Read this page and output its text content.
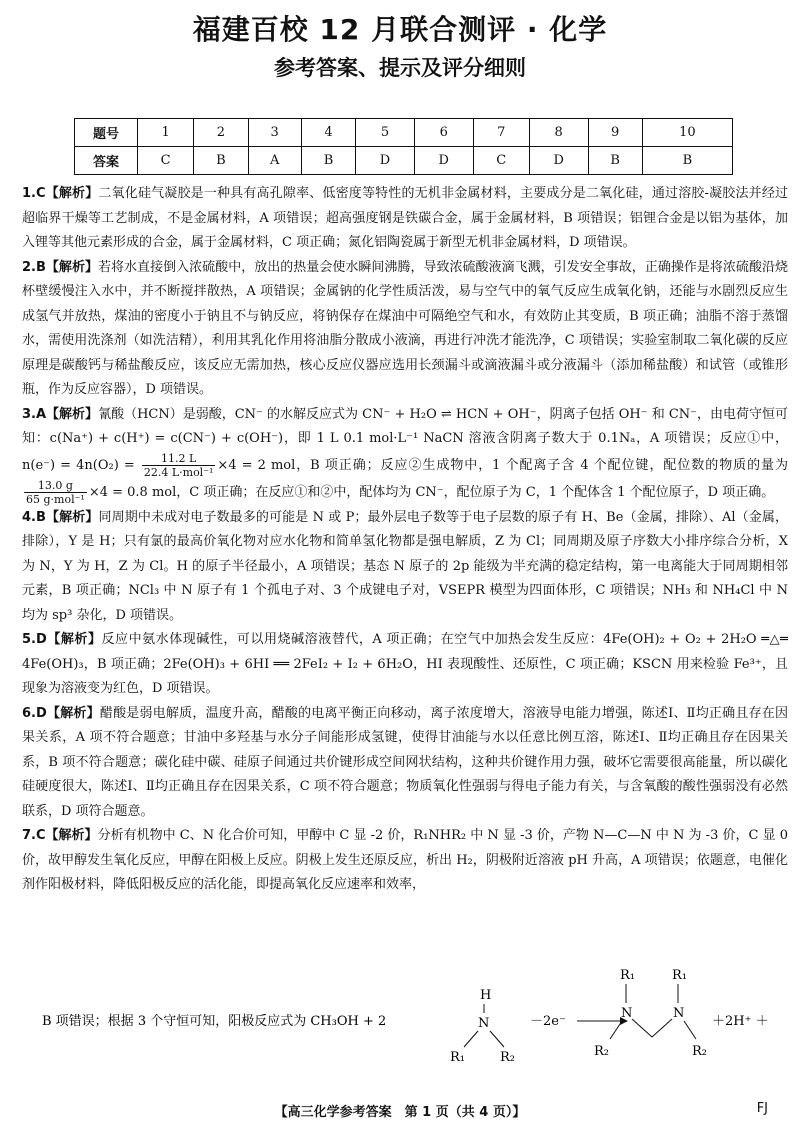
福建百校 12 月联合测评 · 化学
参考答案、提示及评分细则
题号	1	2	3	4	5	6	7	8	9	10
答案	C	B	A	B	D	D	C	D	B	B

1.C【解析】二氧化硅气凝胶是一种具有高孔隙率、低密度等特性的无机非金属材料，主要成分是二氧化硅，通过溶胶-凝胶法并经过超临界干燥等工艺制成，不是金属材料，A 项错误；超高强度钢是铁碳合金，属于金属材料，B 项错误；铝锂合金是以铝为基体，加入锂等其他元素形成的合金，属于金属材料，C 项正确；氮化铝陶瓷属于新型无机非金属材料，D 项错误。

2.B【解析】若将水直接倒入浓硫酸中，放出的热量会使水瞬间沸腾，导致浓硫酸液滴飞溅，引发安全事故，正确操作是将浓硫酸沿烧杯壁缓慢注入水中，并不断搅拌散热，A 项错误；金属钠的化学性质活泼，易与空气中的氧气反应生成氧化钠，还能与水剧烈反应生成氢气并放热，煤油的密度小于钠且不与钠反应，将钠保存在煤油中可隔绝空气和水，有效防止其变质，B 项正确；油脂不溶于蒸馏水，需使用洗涤剂（如洗洁精），利用其乳化作用将油脂分散成小液滴，再进行冲洗才能洗净，C 项错误；实验室制取二氧化碳的反应原理是碳酸钙与稀盐酸反应，该反应无需加热，核心反应仪器应选用长颈漏斗或滴液漏斗或分液漏斗（添加稀盐酸）和试管（或锥形瓶，作为反应容器），D 项错误。

3.A【解析】氰酸（HCN）是弱酸，CN⁻ 的水解反应式为 CN⁻ + H₂O ⇌ HCN + OH⁻，阴离子包括 OH⁻ 和 CN⁻，由电荷守恒可知：c(Na⁺) + c(H⁺) = c(CN⁻) + c(OH⁻)，即 1 L 0.1 mol·L⁻¹ NaCN 溶液含阴离子数大于 0.1Nₐ，A 项错误；反应①中，$n(e^-) = 4n(O_2) = \frac{11.2 L}{\text{22.4 L·mol⁻¹}} \times 4 = 2$ mol，B 项正确；反应②生成物中，1 个配离子含 4 个配位键，配位数的物质的量为
$\frac{13.0 g}{\text{65 g·mol⁻¹}} \times 4 = 0.8$ mol，C 项正确；在反应①和②中，配体均为 CN⁻，配位原子为 C，1 个配体含 1 个配位原子，D 项正确。

4.B【解析】同周期中未成对电子数最多的可能是 N 或 P；最外层电子数等于电子层数的原子有 H、Be（金属，排除）、Al（金属，排除），Y 是 H；只有氯的最高价氧化物对应水化物和简单氢化物都是强电解质，Z 为 Cl；同周期及原子序数大小排序综合分析，X 为 N，Y 为 H，Z 为 Cl。H 的原子半径最小，A 项错误；基态 N 原子的 2p 能级为半充满的稳定结构，第一电离能大于同周期相邻元素，B 项正确；NCl₃ 中 N 原子有 1 个孤电子对、3 个成键电子对，VSEPR 模型为四面体形，C 项错误；NH₃ 和 NH₄Cl 中 N 均为 sp³ 杂化，D 项错误。

5.D【解析】反应中氨水体现碱性，可以用烧碱溶液替代，A 项正确；在空气中加热会发生反应：4Fe(OH)₂ + O₂ + 2H₂O ═△═ 4Fe(OH)₃，B 项正确；2Fe(OH)₃ + 6HI ══ 2FeI₂ + I₂ + 6H₂O，HI 表现酸性、还原性，C 项正确；KSCN 用来检验 Fe³⁺，且现象为溶液变为红色，D 项错误。

6.D【解析】醋酸是弱电解质，温度升高，醋酸的电离平衡正向移动，离子浓度增大，溶液导电能力增强，陈述Ⅰ、Ⅱ均正确且存在因果关系，A 项不符合题意；甘油中多羟基与水分子间能形成氢键，使得甘油能与水以任意比例互溶，陈述Ⅰ、Ⅱ均正确且存在因果关系，B 项不符合题意；碳化硅中碳、硅原子间通过共价键形成空间网状结构，这种共价键作用力强，破坏它需要很高能量，所以碳化硅硬度很大，陈述Ⅰ、Ⅱ均正确且存在因果关系，C 项不符合题意；物质氧化性强弱与得电子能力有关，与含氧酸的酸性强弱没有必然联系，D 项符合题意。

7.C【解析】分析有机物中 C、N 化合价可知，甲醇中 C 显 -2 价，R₁NHR₂ 中 N 显 -3 价，产物 N—C—N 中 N 为 -3 价，C 显 0 价，故甲醇发生氧化反应，甲醇在阳极上反应。阴极上发生还原反应，析出 H₂，阴极附近溶液 pH 升高，A 项错误；依题意，电催化剂作阳极材料，降低阳极反应的活化能，即提高氧化反应速率和效率，

B 项错误；根据 3 个守恒可知，阳极反应式为 CH₃OH + 2
H
N
R₁	R₂
－2e⁻
R₁	R₁
N	N
R₂	R₂
＋2H⁺ ＋
【高三化学参考答案　第 1 页（共 4 页）】	FJ
